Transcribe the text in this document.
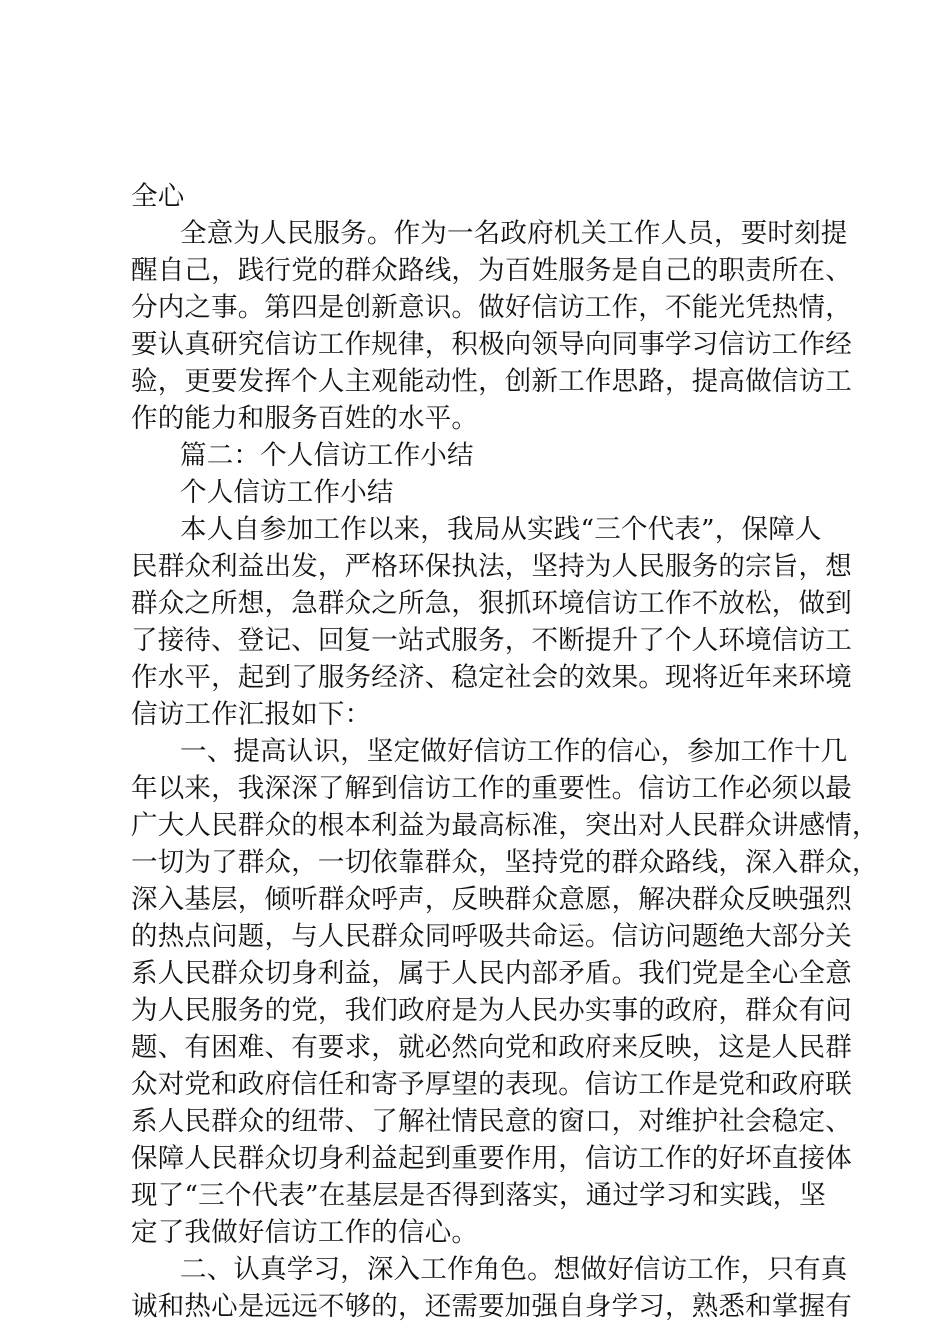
全心
全意为人民服务。作为一名政府机关工作人员，要时刻提
醒自己，践行党的群众路线，为百姓服务是自己的职责所在、
分内之事。第四是创新意识。做好信访工作，不能光凭热情，
要认真研究信访工作规律，积极向领导向同事学习信访工作经
验，更要发挥个人主观能动性，创新工作思路，提高做信访工
作的能力和服务百姓的水平。
篇二：个人信访工作小结
个人信访工作小结
本人自参加工作以来，我局从实践“三个代表”，保障人
民群众利益出发，严格环保执法，坚持为人民服务的宗旨，想
群众之所想，急群众之所急，狠抓环境信访工作不放松，做到
了接待、登记、回复一站式服务，不断提升了个人环境信访工
作水平，起到了服务经济、稳定社会的效果。现将近年来环境
信访工作汇报如下：
一、提高认识，坚定做好信访工作的信心，参加工作十几
年以来，我深深了解到信访工作的重要性。信访工作必须以最
广大人民群众的根本利益为最高标准，突出对人民群众讲感情，
一切为了群众，一切依靠群众，坚持党的群众路线，深入群众，
深入基层，倾听群众呼声，反映群众意愿，解决群众反映强烈
的热点问题，与人民群众同呼吸共命运。信访问题绝大部分关
系人民群众切身利益，属于人民内部矛盾。我们党是全心全意
为人民服务的党，我们政府是为人民办实事的政府，群众有问
题、有困难、有要求，就必然向党和政府来反映，这是人民群
众对党和政府信任和寄予厚望的表现。信访工作是党和政府联
系人民群众的纽带、了解社情民意的窗口，对维护社会稳定、
保障人民群众切身利益起到重要作用，信访工作的好坏直接体
现了“三个代表”在基层是否得到落实，通过学习和实践，坚
定了我做好信访工作的信心。
二、认真学习，深入工作角色。想做好信访工作，只有真
诚和热心是远远不够的，还需要加强自身学习，熟悉和掌握有
